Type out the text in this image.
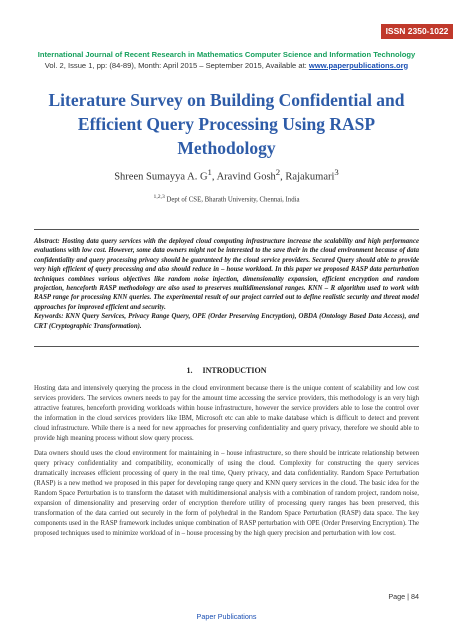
ISSN 2350-1022
International Journal of Recent Research in Mathematics Computer Science and Information Technology
Vol. 2, Issue 1, pp: (84-89), Month: April 2015 – September 2015, Available at: www.paperpublications.org
Literature Survey on Building Confidential and Efficient Query Processing Using RASP Methodology
Shreen Sumayya A. $G^1$, Aravind Gosh$^2$, Rajakumari$^3$
$^{1,2,3}$ Dept of CSE, Bharath University, Chennai, India

Abstract: Hosting data query services with the deployed cloud computing infrastructure increase the scalability and high performance evaluations with low cost. However, some data owners might not be interested to the save their in the cloud environment because of data confidentiality and query processing privacy should be guaranteed by the cloud service providers. Secured Query should able to provide very high efficient of query processing and also should reduce in – house workload. In this paper we proposed RASP data perturbation techniques combines various objectives like random noise injection, dimensionality expansion, efficient encryption and random projection, henceforth RASP methodology are also used to preserves multidimensional ranges. KNN – R algorithm used to work with RASP range for processing KNN queries. The experimental result of our project carried out to define realistic security and threat model approaches for improved efficient and security.

Keywords: KNN Query Services, Privacy Range Query, OPE (Order Preserving Encryption), OBDA (Ontology Based Data Access), and CRT (Cryptographic Transformation).

1.     INTRODUCTION

Hosting data and intensively querying the process in the cloud environment because there is the unique content of scalability and low cost services providers. The services owners needs to pay for the amount time accessing the service providers, this methodology is an very high attractive features, henceforth providing workloads within house infrastructure, however the service providers able to lose the control over the information in the cloud services providers like IBM, Microsoft etc can able to make database which is difficult to detect and prevent cloud infrastructure. While there is a need for new approaches for preserving confidentiality and query privacy, therefore we should able to provide high meaning process without slow query process.

Data owners should uses the cloud environment for maintaining in – house infrastructure, so there should be intricate relationship between query privacy confidentiality and compatibility, economically of using the cloud. Complexity for constructing the query services dramatically increases efficient processing of query in the real time, Query privacy, and data confidentiality. Random Space Perturbation (RASP) is a new method we proposed in this paper for developing range query and KNN query services in the cloud. The basic idea for the Random Space Perturbation is to transform the dataset with multidimensional analysis with a combination of random project, random noise, expansion of dimensionality and preserving order of encryption therefore utility of processing query ranges has been preserved, this transformation of the data carried out securely in the form of polyhedral in the Random Space Perturbation (RASP) data space. The key components used in the RASP framework includes unique combination of RASP perturbation with OPE (Order Preserving Encryption). The proposed techniques used to minimize workload of in – house processing by the high query precision and perturbation with low cost.

Page | 84
Paper Publications
